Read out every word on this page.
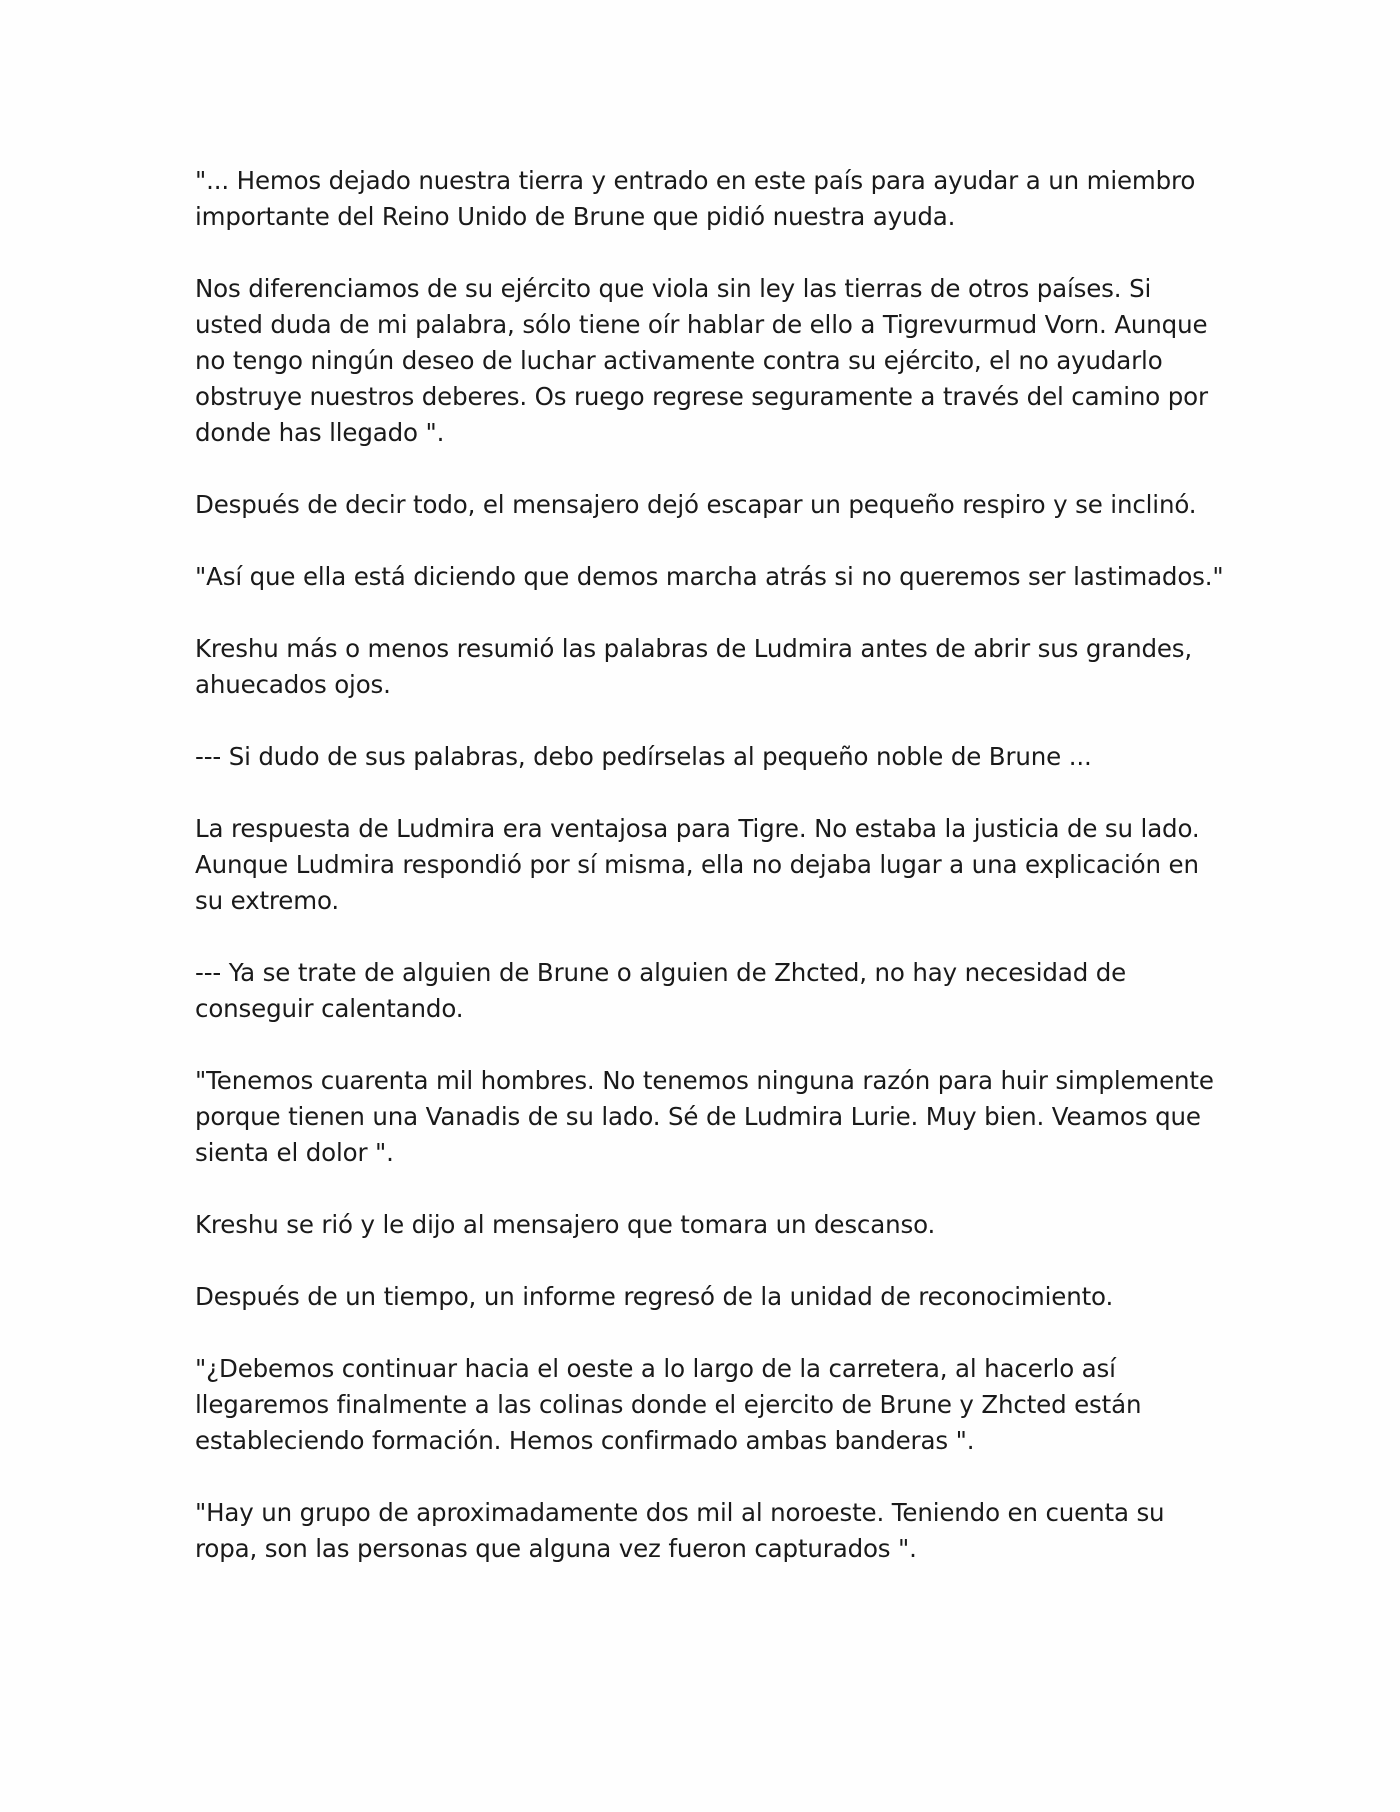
"... Hemos dejado nuestra tierra y entrado en este país para ayudar a un miembro importante del Reino Unido de Brune que pidió nuestra ayuda.

Nos diferenciamos de su ejército que viola sin ley las tierras de otros países. Si usted duda de mi palabra, sólo tiene oír hablar de ello a Tigrevurmud Vorn. Aunque no tengo ningún deseo de luchar activamente contra su ejército, el no ayudarlo obstruye nuestros deberes. Os ruego regrese seguramente a través del camino por donde has llegado ".

Después de decir todo, el mensajero dejó escapar un pequeño respiro y se inclinó.

"Así que ella está diciendo que demos marcha atrás si no queremos ser lastimados."

Kreshu más o menos resumió las palabras de Ludmira antes de abrir sus grandes, ahuecados ojos.

--- Si dudo de sus palabras, debo pedírselas al pequeño noble de Brune ...

La respuesta de Ludmira era ventajosa para Tigre. No estaba la justicia de su lado. Aunque Ludmira respondió por sí misma, ella no dejaba lugar a una explicación en su extremo.

--- Ya se trate de alguien de Brune o alguien de Zhcted, no hay necesidad de conseguir calentando.

"Tenemos cuarenta mil hombres. No tenemos ninguna razón para huir simplemente porque tienen una Vanadis de su lado. Sé de Ludmira Lurie. Muy bien. Veamos que sienta el dolor ".

Kreshu se rió y le dijo al mensajero que tomara un descanso.

Después de un tiempo, un informe regresó de la unidad de reconocimiento.

"¿Debemos continuar hacia el oeste a lo largo de la carretera, al hacerlo así llegaremos finalmente a las colinas donde el ejercito de Brune y Zhcted están estableciendo formación. Hemos confirmado ambas banderas ".

"Hay un grupo de aproximadamente dos mil al noroeste. Teniendo en cuenta su ropa, son las personas que alguna vez fueron capturados ".
